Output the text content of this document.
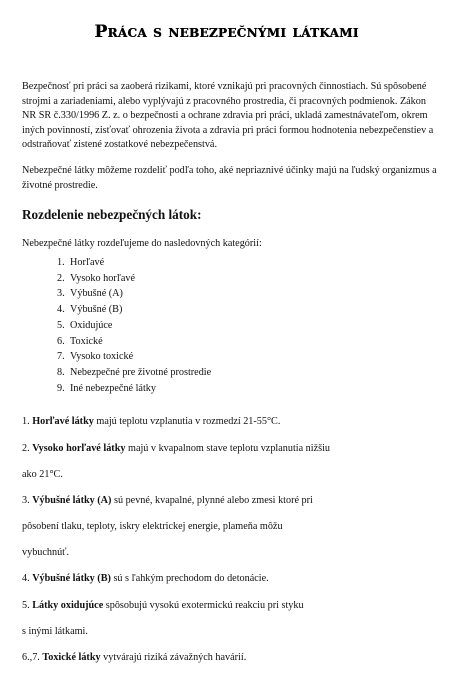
Práca s nebezpečnými látkami

Bezpečnosť pri práci sa zaoberá rizikami, ktoré vznikajú pri pracovných činnostiach. Sú spôsobené strojmi a zariadeniami, alebo vyplývajú z pracovného prostredia, či pracovných podmienok. Zákon NR SR č.330/1996 Z. z. o bezpečnosti a ochrane zdravia pri práci, ukladá zamestnávateľom, okrem iných povinností, zisťovať ohrozenia života a zdravia pri práci formou hodnotenia nebezpečenstiev a odstraňovať zistené zostatkové nebezpečenstvá.

Nebezpečné látky môžeme rozdeliť podľa toho, aké nepriaznivé účinky majú na ľudský organizmus a životné prostredie.

Rozdelenie nebezpečných látok:

Nebezpečné látky rozdeľujeme do nasledovných kategórií:

1. Horľavé
2. Vysoko horľavé
3. Výbušné (A)
4. Výbušné (B)
5. Oxidujúce
6. Toxické
7. Vysoko toxické
8. Nebezpečné pre životné prostredie
9. Iné nebezpečné látky

1. Horľavé látky majú teplotu vzplanutia v rozmedzí 21-55°C.

2. Vysoko horľavé látky majú v kvapalnom stave teplotu vzplanutia nižšiu

ako 21°C.

3. Výbušné látky (A) sú pevné, kvapalné, plynné alebo zmesi ktoré pri

pôsobení tlaku, teploty, iskry elektrickej energie, plameňa môžu

vybuchnúť.

4. Výbušné látky (B) sú s ľahkým prechodom do detonácie.

5. Látky oxidujúce spôsobujú vysokú exotermickú reakciu pri styku

s inými látkami.

6.,7. Toxické látky vytvárajú riziká závažných havárií.
